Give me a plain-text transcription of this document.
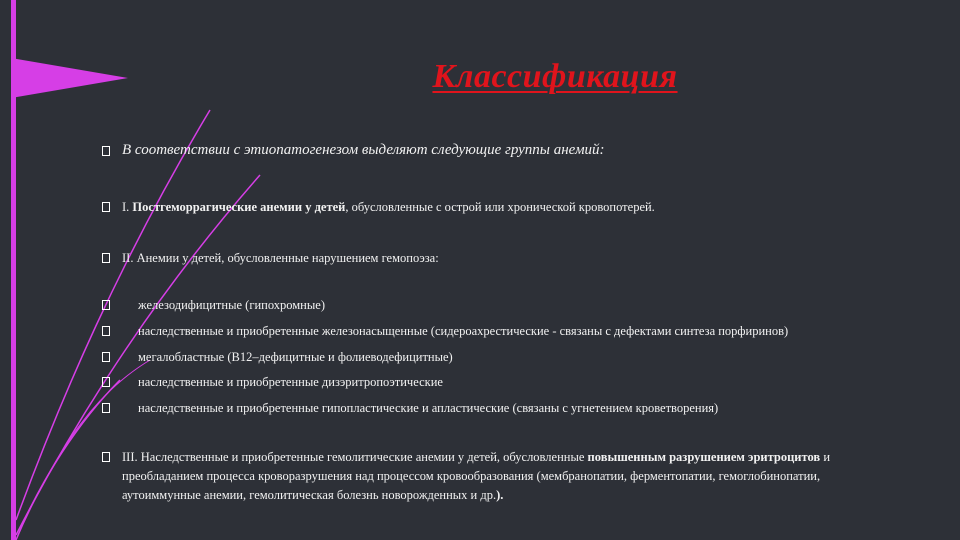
Классификация
В соответствии с этиопатогенезом выделяют следующие группы анемий:
I. Постгеморрагические анемии у детей, обусловленные с острой или хронической кровопотерей.
II. Анемии у детей, обусловленные нарушением гемопоэза:
железодифицитные (гипохромные)
наследственные и приобретенные железонасыщенные (сидероахрестические - связаны с дефектами синтеза порфиринов)
мегалобластные (В12–дефицитные и фолиеводефицитные)
наследственные и приобретенные дизэритропоэтические
наследственные и приобретенные гипопластические и апластические (связаны с угнетением кроветворения)
III. Наследственные и приобретенные гемолитические анемии у детей, обусловленные повышенным разрушением эритроцитов и преобладанием процесса кроворазрушения над процессом кровообразования (мембранопатии, ферментопатии, гемоглобинопатии, аутоиммунные анемии, гемолитическая болезнь новорожденных и др.).
